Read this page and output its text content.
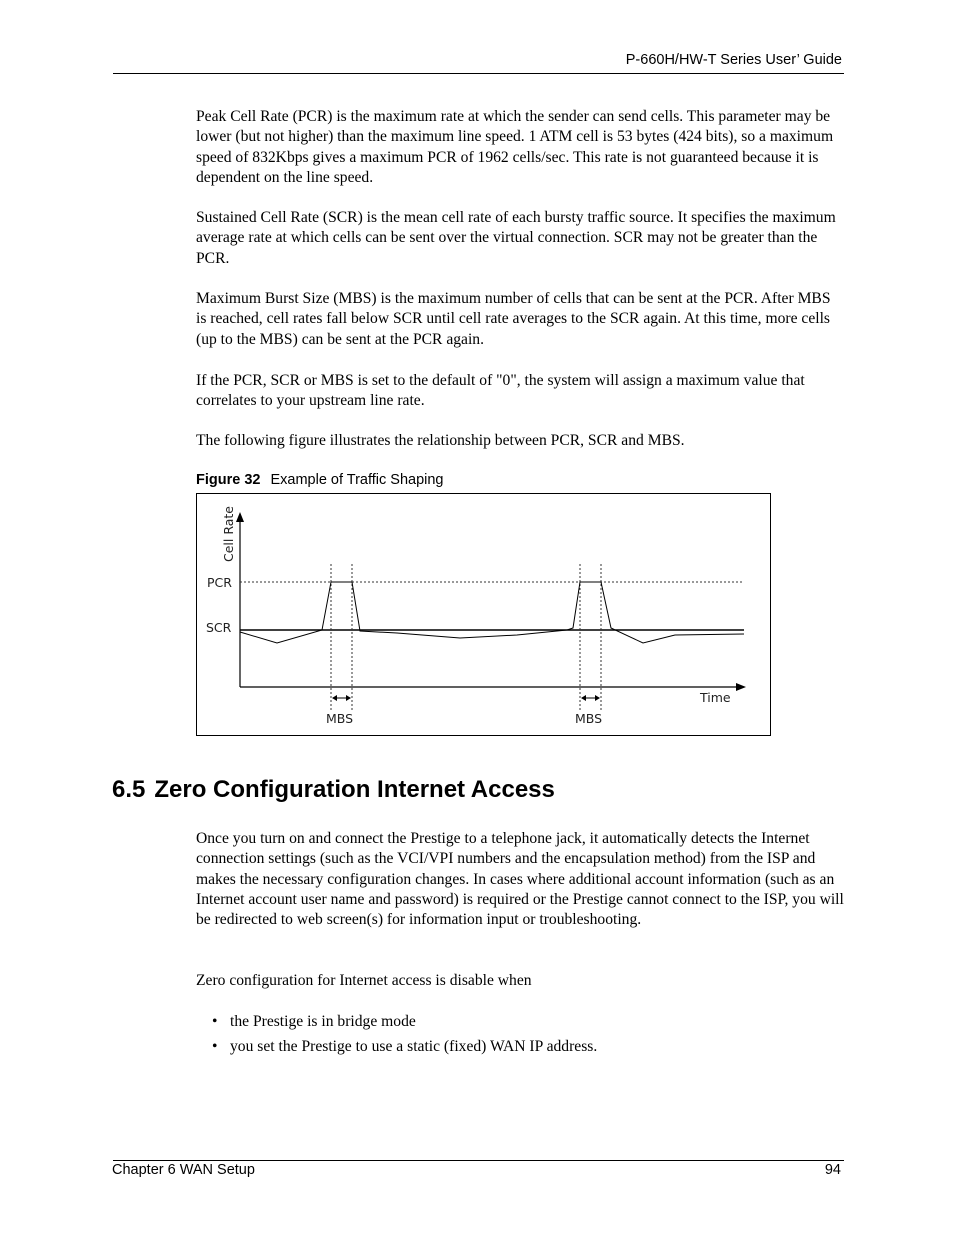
P-660H/HW-T Series User’ Guide

Peak Cell Rate (PCR) is the maximum rate at which the sender can send cells. This parameter may be lower (but not higher) than the maximum line speed. 1 ATM cell is 53 bytes (424 bits), so a maximum speed of 832Kbps gives a maximum PCR of 1962 cells/sec. This rate is not guaranteed because it is dependent on the line speed.

Sustained Cell Rate (SCR) is the mean cell rate of each bursty traffic source. It specifies the maximum average rate at which cells can be sent over the virtual connection. SCR may not be greater than the PCR.

Maximum Burst Size (MBS) is the maximum number of cells that can be sent at the PCR. After MBS is reached, cell rates fall below SCR until cell rate averages to the SCR again. At this time, more cells (up to the MBS) can be sent at the PCR again.

If the PCR, SCR or MBS is set to the default of "0", the system will assign a maximum value that correlates to your upstream line rate.

The following figure illustrates the relationship between PCR, SCR and MBS.

Figure 32 Example of Traffic Shaping
Cell Rate
Time
PCR
SCR
MBS	MBS
6.5 Zero Configuration Internet Access

Once you turn on and connect the Prestige to a telephone jack, it automatically detects the Internet connection settings (such as the VCI/VPI numbers and the encapsulation method) from the ISP and makes the necessary configuration changes. In cases where additional account information (such as an Internet account user name and password) is required or the Prestige cannot connect to the ISP, you will be redirected to web screen(s) for information input or troubleshooting.

Zero configuration for Internet access is disable when

• the Prestige is in bridge mode
• you set the Prestige to use a static (fixed) WAN IP address.
Chapter 6 WAN Setup	94
